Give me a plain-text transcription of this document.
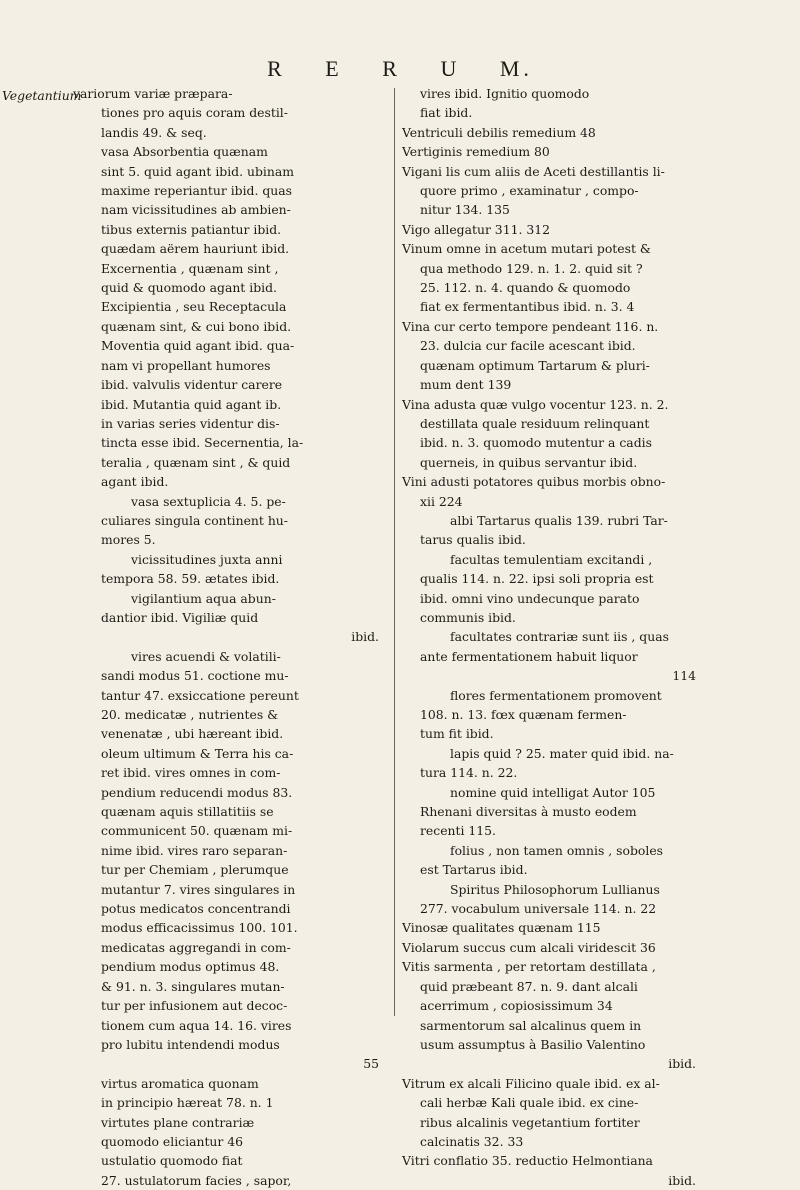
R E R U M.
Vegetantium

variorum variæ præpara-

tiones pro aquis coram destil-

landis 49. & seq.

vasa Absorbentia quænam

sint 5. quid agant ibid. ubinam

maxime reperiantur ibid. quas

nam vicissitudines ab ambien-

tibus externis patiantur ibid.

quædam aërem hauriunt ibid.

Excernentia , quænam sint ,

quid & quomodo agant ibid.

Excipientia , seu Receptacula

quænam sint, & cui bono ibid.

Moventia quid agant ibid. qua-

nam vi propellant humores

ibid. valvulis videntur carere

ibid. Mutantia quid agant ib.

in varias series videntur dis-

tincta esse ibid. Secernentia, la-

teralia , quænam sint , & quid

agant ibid.

vasa sextuplicia 4. 5. pe-

culiares singula continent hu-

mores 5.

vicissitudines juxta anni

tempora 58. 59. ætates ibid.

vigilantium aqua abun-

dantior ibid. Vigiliæ quid

ibid.

vires acuendi & volatili-

sandi modus 51. coctione mu-

tantur 47. exsiccatione pereunt

20. medicatæ , nutrientes &

venenatæ , ubi hæreant ibid.

oleum ultimum & Terra his ca-

ret ibid. vires omnes in com-

pendium reducendi modus 83.

quænam aquis stillatitiis se

communicent 50. quænam mi-

nime ibid. vires raro separan-

tur per Chemiam , plerumque

mutantur 7. vires singulares in

potus medicatos concentrandi

modus efficacissimus 100. 101.

medicatas aggregandi in com-

pendium modus optimus 48.

& 91. n. 3. singulares mutan-

tur per infusionem aut decoc-

tionem cum aqua 14. 16. vires

pro lubitu intendendi modus

55

virtus aromatica quonam

in principio hæreat 78. n. 1

virtutes plane contrariæ

quomodo eliciantur 46

ustulatio quomodo fiat

27. ustulatorum facies , sapor,

vires ibid. Ignitio quomodo

fiat ibid.

Ventriculi debilis remedium 48

Vertiginis remedium 80

Vigani lis cum aliis de Aceti destillantis li-

quore primo , examinatur , compo-

nitur 134. 135

Vigo allegatur 311. 312

Vinum omne in acetum mutari potest &

qua methodo 129. n. 1. 2. quid sit ?

25. 112. n. 4. quando & quomodo

fiat ex fermentantibus ibid. n. 3. 4

Vina cur certo tempore pendeant 116. n.

23. dulcia cur facile acescant ibid.

quænam optimum Tartarum & pluri-

mum dent 139

Vina adusta quæ vulgo vocentur 123. n. 2.

destillata quale residuum relinquant

ibid. n. 3. quomodo mutentur a cadis

querneis, in quibus servantur ibid.

Vini adusti potatores quibus morbis obno-

xii 224

albi Tartarus qualis 139. rubri Tar-

tarus qualis ibid.

facultas temulentiam excitandi ,

qualis 114. n. 22. ipsi soli propria est

ibid. omni vino undecunque parato

communis ibid.

facultates contrariæ sunt iis , quas

ante fermentationem habuit liquor

114

flores fermentationem promovent

108. n. 13. fœx quænam fermen-

tum fit ibid.

lapis quid ? 25. mater quid ibid. na-

tura 114. n. 22.

nomine quid intelligat Autor 105

Rhenani diversitas à musto eodem

recenti 115.

folius , non tamen omnis , soboles

est Tartarus ibid.

Spiritus Philosophorum Lullianus

277. vocabulum universale 114. n. 22

Vinosæ qualitates quænam 115

Violarum succus cum alcali viridescit 36

Vitis sarmenta , per retortam destillata ,

quid præbeant 87. n. 9. dant alcali

acerrimum , copiosissimum 34

sarmentorum sal alcalinus quem in

usum assumptus à Basilio Valentino

ibid.

Vitrum ex alcali Filicino quale ibid. ex al-

cali herbæ Kali quale ibid. ex cine-

ribus alcalinis vegetantium fortiter

calcinatis 32. 33

Vitri conflatio 35. reductio Helmontiana

ibid.
